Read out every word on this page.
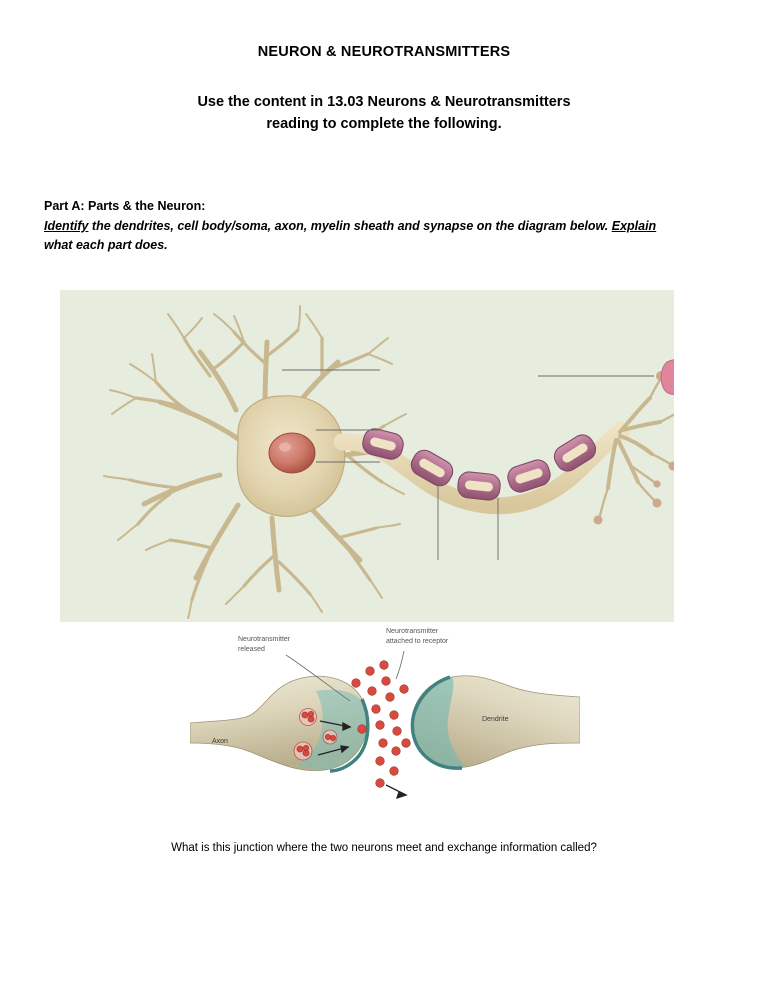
NEURON & NEUROTRANSMITTERS
Use the content in 13.03 Neurons & Neurotransmitters
reading to complete the following.
Part A: Parts & the Neuron:
Identify the dendrites, cell body/soma, axon, myelin sheath and synapse on the diagram below. Explain what each part does.
Neurotransmitter
released
Neurotransmitter
attached to receptor
Axon
Dendrite
What is this junction where the two neurons meet and exchange information called?
